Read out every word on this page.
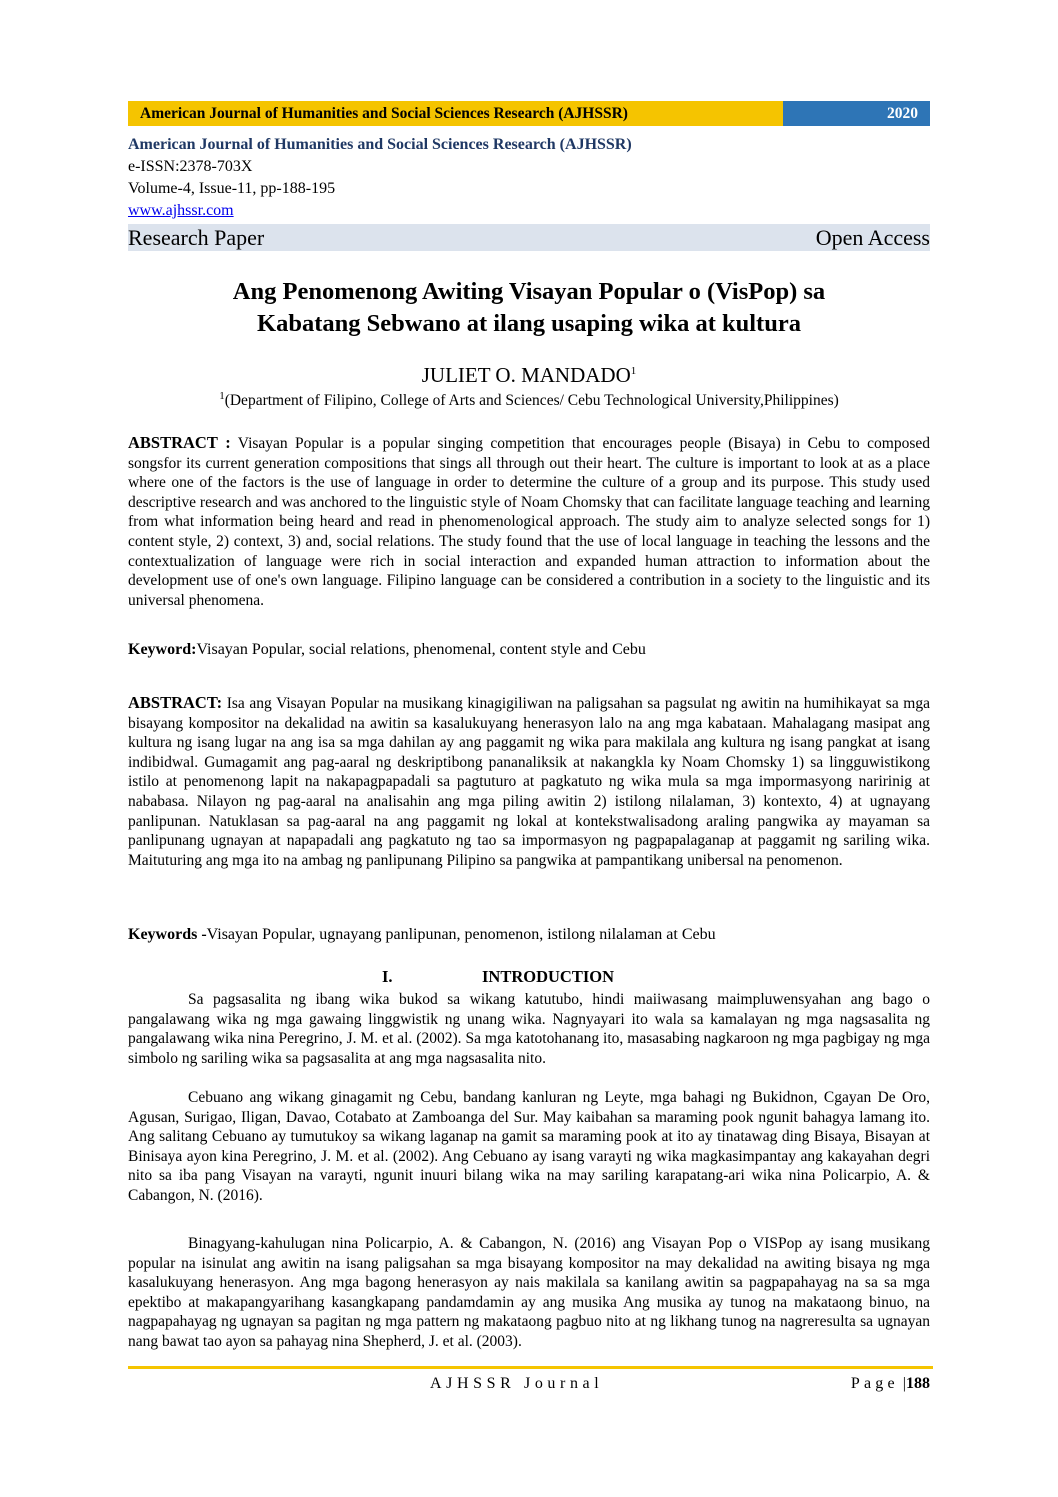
American Journal of Humanities and Social Sciences Research (AJHSSR)	2020
American Journal of Humanities and Social Sciences Research (AJHSSR)
e-ISSN:2378-703X
Volume-4, Issue-11, pp-188-195
www.ajhssr.com
Research Paper	Open Access
Ang Penomenong Awiting Visayan Popular o (VisPop) sa
Kabatang Sebwano at ilang usaping wika at kultura
JULIET O. MANDADO$^1$
$^1$(Department of Filipino, College of Arts and Sciences/ Cebu Technological University,Philippines)
ABSTRACT : Visayan Popular is a popular singing competition that encourages people (Bisaya) in Cebu to composed songsfor its current generation compositions that sings all through out their heart. The culture is important to look at as a place where one of the factors is the use of language in order to determine the culture of a group and its purpose. This study used descriptive research and was anchored to the linguistic style of Noam Chomsky that can facilitate language teaching and learning from what information being heard and read in phenomenological approach. The study aim to analyze selected songs for 1) content style, 2) context, 3) and, social relations. The study found that the use of local language in teaching the lessons and the contextualization of language were rich in social interaction and expanded human attraction to information about the development use of one's own language. Filipino language can be considered a contribution in a society to the linguistic and its universal phenomena.
Keyword:Visayan Popular, social relations, phenomenal, content style and Cebu
ABSTRACT: Isa ang Visayan Popular na musikang kinagigiliwan na paligsahan sa pagsulat ng awitin na humihikayat sa mga bisayang kompositor na dekalidad na awitin sa kasalukuyang henerasyon lalo na ang mga kabataan. Mahalagang masipat ang kultura ng isang lugar na ang isa sa mga dahilan ay ang paggamit ng wika para makilala ang kultura ng isang pangkat at isang indibidwal. Gumagamit ang pag-aaral ng deskriptibong pananaliksik at nakangkla ky Noam Chomsky 1) sa lingguwistikong istilo at penomenong lapit na nakapagpapadali sa pagtuturo at pagkatuto ng wika mula sa mga impormasyong naririnig at nababasa. Nilayon ng pag-aaral na analisahin ang mga piling awitin 2) istilong nilalaman, 3) kontexto, 4) at ugnayang panlipunan. Natuklasan sa pag-aaral na ang paggamit ng lokal at kontekstwalisadong araling pangwika ay mayaman sa panlipunang ugnayan at napapadali ang pagkatuto ng tao sa impormasyon ng pagpapalaganap at paggamit ng sariling wika. Maituturing ang mga ito na ambag ng panlipunang Pilipino sa pangwika at pampantikang unibersal na penomenon.
Keywords -Visayan Popular, ugnayang panlipunan, penomenon, istilong nilalaman at Cebu
I.	INTRODUCTION
Sa pagsasalita ng ibang wika bukod sa wikang katutubo, hindi maiiwasang maimpluwensyahan ang bago o pangalawang wika ng mga gawaing linggwistik ng unang wika. Nagnyayari ito wala sa kamalayan ng mga nagsasalita ng pangalawang wika nina Peregrino, J. M. et al. (2002). Sa mga katotohanang ito, masasabing nagkaroon ng mga pagbigay ng mga simbolo ng sariling wika sa pagsasalita at ang mga nagsasalita nito.
Cebuano ang wikang ginagamit ng Cebu, bandang kanluran ng Leyte, mga bahagi ng Bukidnon, Cgayan De Oro, Agusan, Surigao, Iligan, Davao, Cotabato at Zamboanga del Sur. May kaibahan sa maraming pook ngunit bahagya lamang ito. Ang salitang Cebuano ay tumutukoy sa wikang laganap na gamit sa maraming pook at ito ay tinatawag ding Bisaya, Bisayan at Binisaya ayon kina Peregrino, J. M. et al. (2002). Ang Cebuano ay isang varayti ng wika magkasimpantay ang kakayahan degri nito sa iba pang Visayan na varayti, ngunit inuuri bilang wika na may sariling karapatang-ari wika nina Policarpio, A. & Cabangon, N. (2016).
Binagyang-kahulugan nina Policarpio, A. & Cabangon, N. (2016) ang Visayan Pop o VISPop ay isang musikang popular na isinulat ang awitin na isang paligsahan sa mga bisayang kompositor na may dekalidad na awiting bisaya ng mga kasalukuyang henerasyon. Ang mga bagong henerasyon ay nais makilala sa kanilang awitin sa pagpapahayag na sa sa mga epektibo at makapangyarihang kasangkapang pandamdamin ay ang musika Ang musika ay tunog na makataong binuo, na nagpapahayag ng ugnayan sa pagitan ng mga pattern ng makataong pagbuo nito at ng likhang tunog na nagreresulta sa ugnayan nang bawat tao ayon sa pahayag nina Shepherd, J. et al. (2003).
AJHSSR Journal	Page |188
